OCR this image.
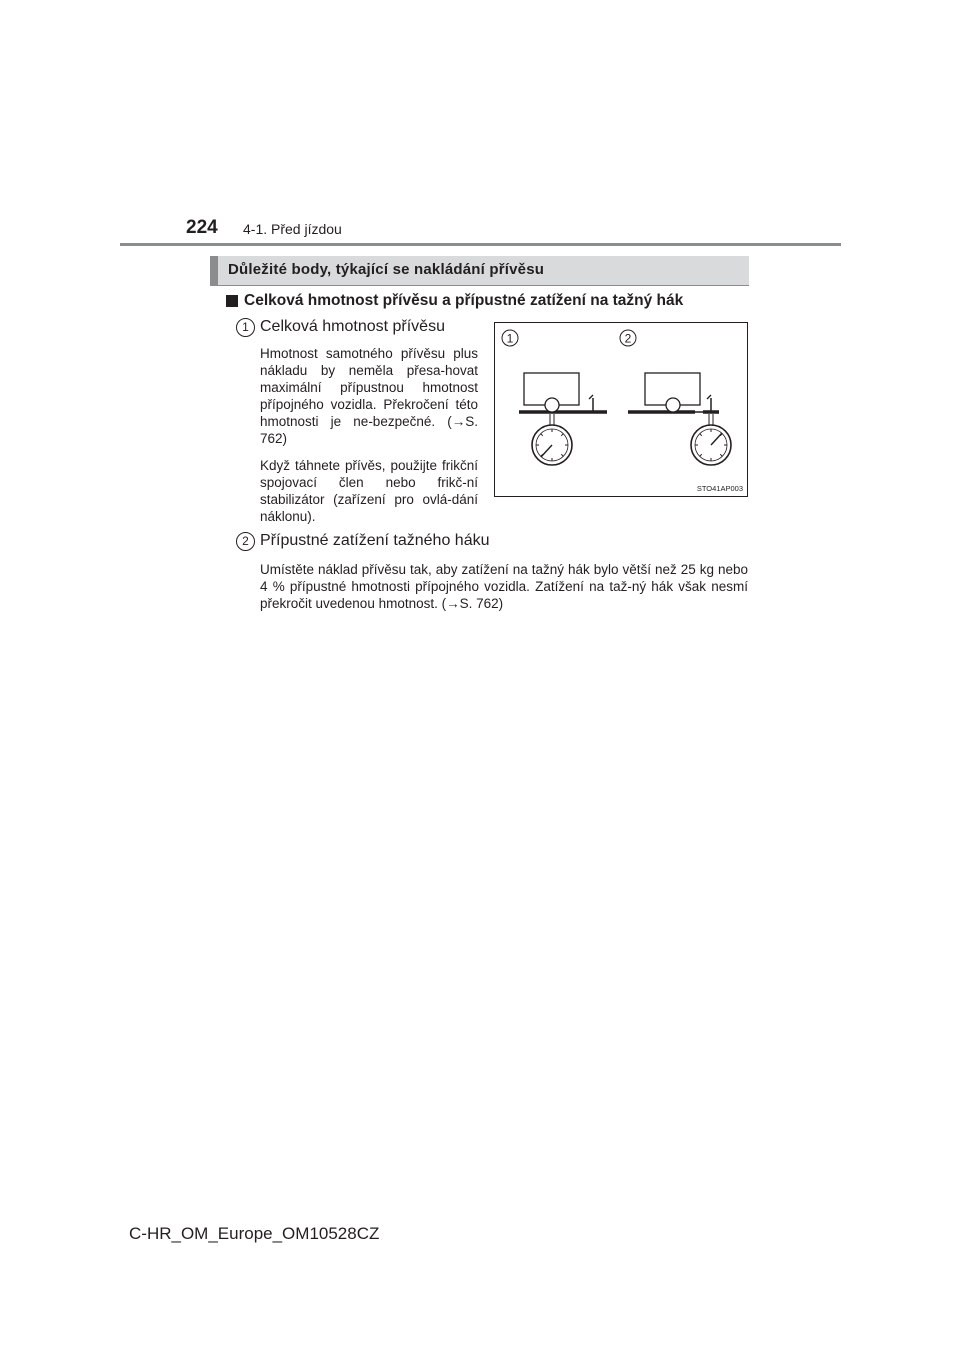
224 4-1. Před jízdou
Důležité body, týkající se nakládání přívěsu
Celková hmotnost přívěsu a přípustné zatížení na tažný hák
1 Celková hmotnost přívěsu

Hmotnost samotného přívěsu plus nákladu by neměla přesa-hovat maximální přípustnou hmotnost přípojného vozidla. Překročení této hmotnosti je ne-bezpečné. (→S. 762)

Když táhnete přívěs, použijte frikční spojovací člen nebo frikč-ní stabilizátor (zařízení pro ovlá-dání náklonu).

1	2
STO41AP003
2 Přípustné zatížení tažného háku

Umístěte náklad přívěsu tak, aby zatížení na tažný hák bylo větší než 25 kg nebo 4 % přípustné hmotnosti přípojného vozidla. Zatížení na taž-ný hák však nesmí překročit uvedenou hmotnost. (→S. 762)

C-HR_OM_Europe_OM10528CZ
